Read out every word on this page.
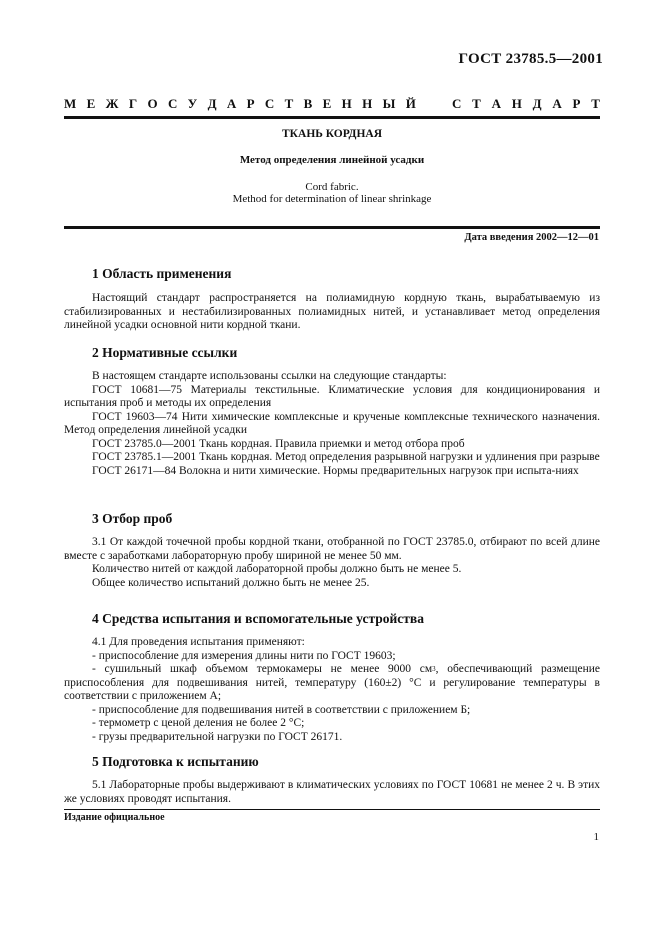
ГОСТ 23785.5—2001
М Е Ж Г О С У Д А Р С Т В Е Н Н Ы Й	С Т А Н Д А Р Т
ТКАНЬ КОРДНАЯ
Метод определения линейной усадки
Cord fabric.
Method for determination of linear shrinkage
Дата введения 2002—12—01
1 Область применения
Настоящий стандарт распространяется на полиамидную кордную ткань, вырабатываемую из стабилизированных и нестабилизированных полиамидных нитей, и устанавливает метод определения линейной усадки основной нити кордной ткани.
2 Нормативные ссылки
В настоящем стандарте использованы ссылки на следующие стандарты:
ГОСТ 10681—75 Материалы текстильные. Климатические условия для кондиционирования и испытания проб и методы их определения
ГОСТ 19603—74 Нити химические комплексные и крученые комплексные технического назначения. Метод определения линейной усадки
ГОСТ 23785.0—2001 Ткань кордная. Правила приемки и метод отбора проб
ГОСТ 23785.1—2001 Ткань кордная. Метод определения разрывной нагрузки и удлинения при разрыве
ГОСТ 26171—84 Волокна и нити химические. Нормы предварительных нагрузок при испыта-ниях
3 Отбор проб
3.1 От каждой точечной пробы кордной ткани, отобранной по ГОСТ 23785.0, отбирают по всей длине вместе с заработками лабораторную пробу шириной не менее 50 мм.
Количество нитей от каждой лабораторной пробы должно быть не менее 5.
Общее количество испытаний должно быть не менее 25.
4 Средства испытания и вспомогательные устройства
4.1 Для проведения испытания применяют:
- приспособление для измерения длины нити по ГОСТ 19603;
- сушильный шкаф объемом термокамеры не менее 9000 $см^3$, обеспечивающий размещение приспособления для подвешивания нитей, температуру (160±2) °С и регулирование температуры в соответствии с приложением А;
- приспособление для подвешивания нитей в соответствии с приложением Б;
- термометр с ценой деления не более 2 °С;
- грузы предварительной нагрузки по ГОСТ 26171.
5 Подготовка к испытанию
5.1 Лабораторные пробы выдерживают в климатических условиях по ГОСТ 10681 не менее 2 ч. В этих же условиях проводят испытания.
Издание официальное
1
